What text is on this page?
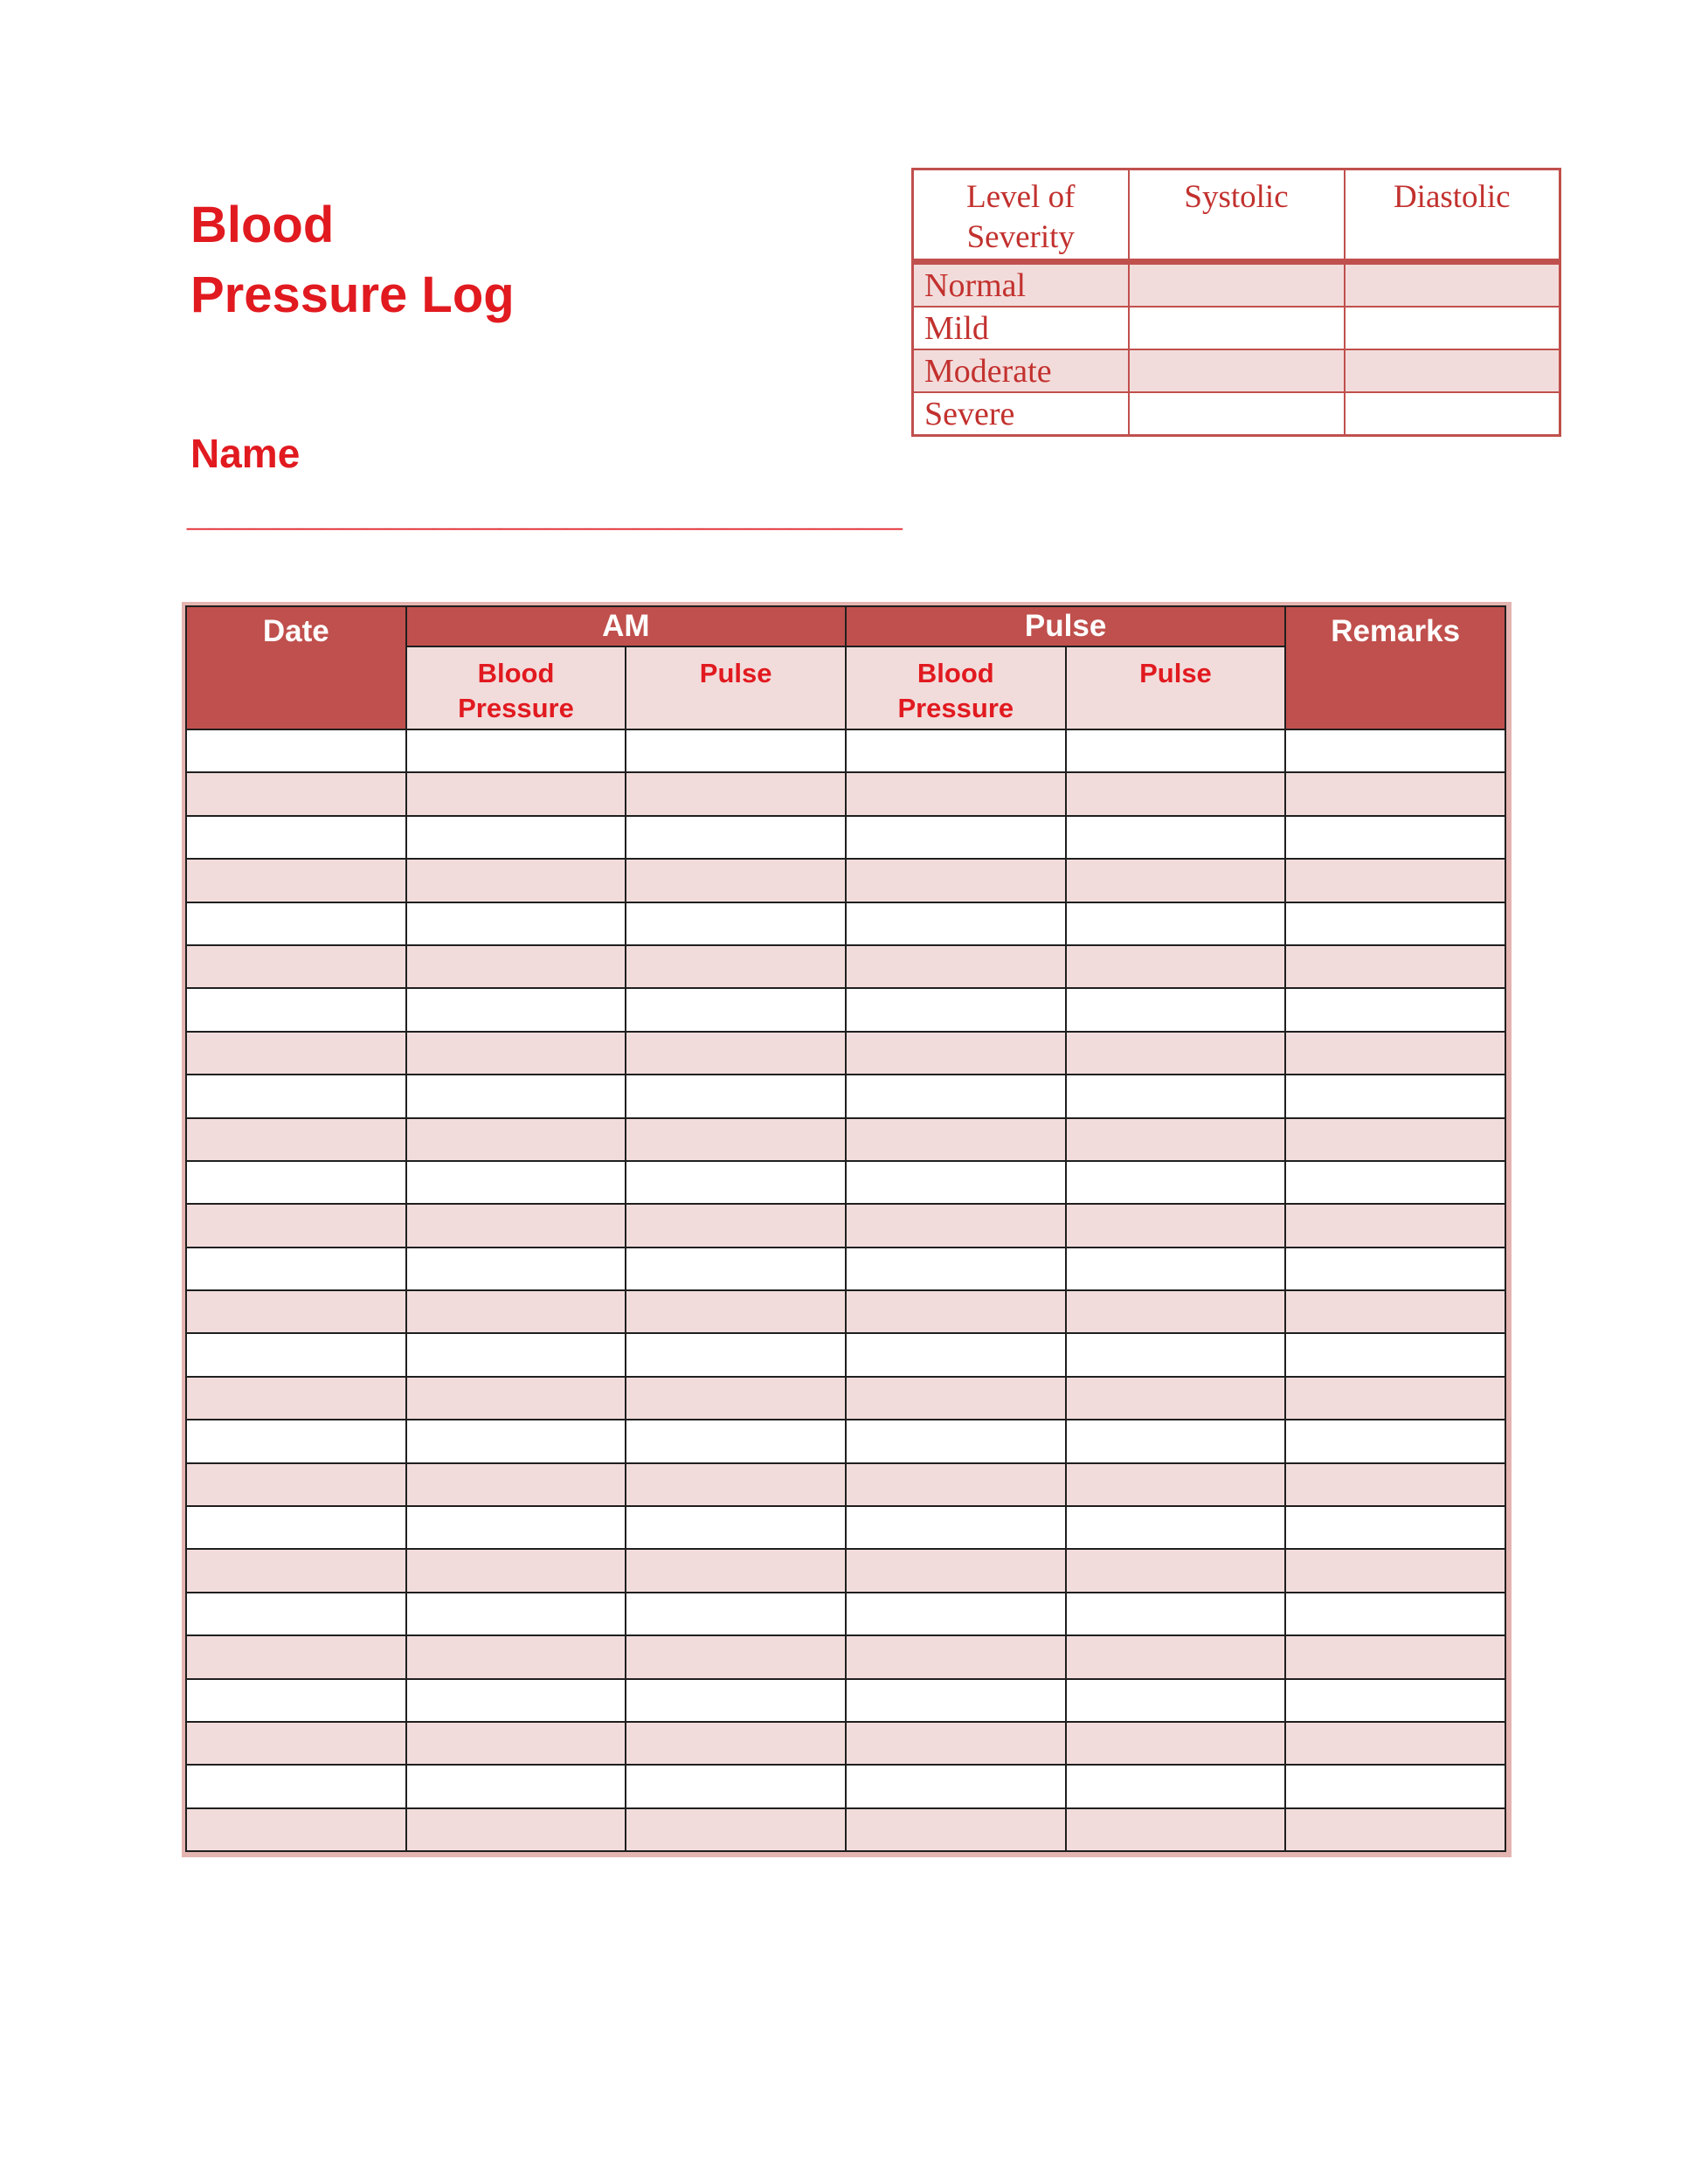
Blood
Pressure Log
Name
________________________________
Level of Severity	Systolic	Diastolic
Normal		
Mild		
Moderate		
Severe		
Date	AM		Pulse		Remarks
	Blood Pressure	Pulse	Blood Pressure	Pulse	
